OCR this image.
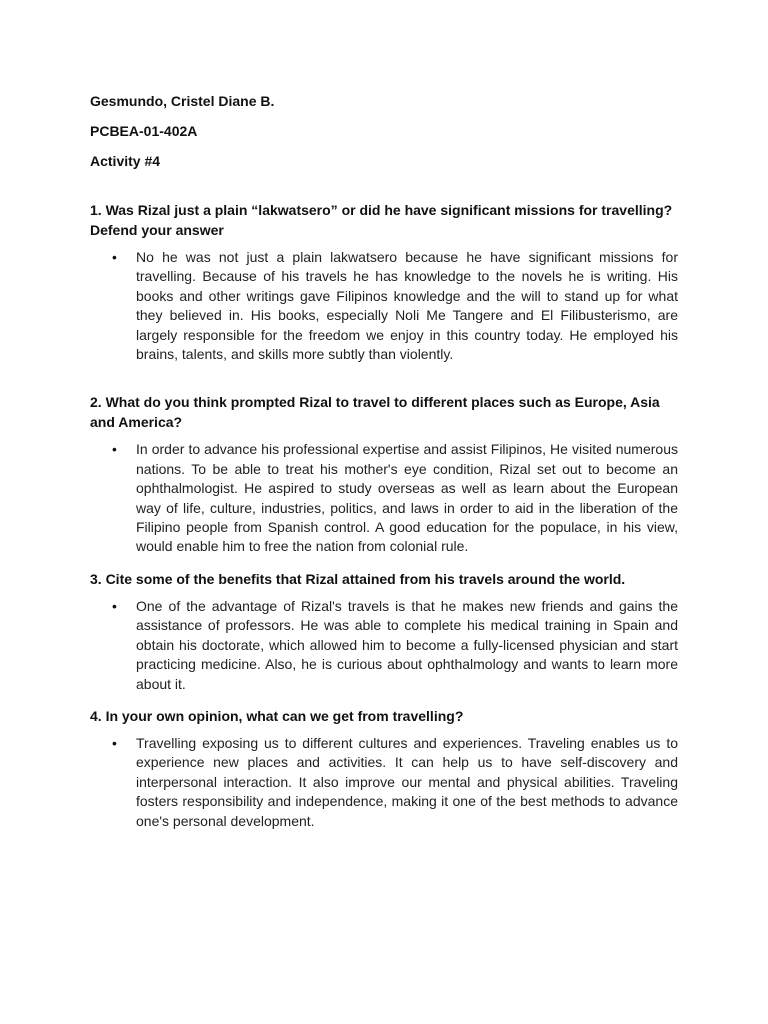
Gesmundo, Cristel Diane B.
PCBEA-01-402A
Activity #4
1. Was Rizal just a plain “lakwatsero” or did he have significant missions for travelling? Defend your answer
• No he was not just a plain lakwatsero because he have significant missions for travelling. Because of his travels he has knowledge to the novels he is writing. His books and other writings gave Filipinos knowledge and the will to stand up for what they believed in. His books, especially Noli Me Tangere and El Filibusterismo, are largely responsible for the freedom we enjoy in this country today. He employed his brains, talents, and skills more subtly than violently.
2. What do you think prompted Rizal to travel to different places such as Europe, Asia and America?
• In order to advance his professional expertise and assist Filipinos, He visited numerous nations. To be able to treat his mother's eye condition, Rizal set out to become an ophthalmologist. He aspired to study overseas as well as learn about the European way of life, culture, industries, politics, and laws in order to aid in the liberation of the Filipino people from Spanish control. A good education for the populace, in his view, would enable him to free the nation from colonial rule.
3. Cite some of the benefits that Rizal attained from his travels around the world.
• One of the advantage of Rizal's travels is that he makes new friends and gains the assistance of professors. He was able to complete his medical training in Spain and obtain his doctorate, which allowed him to become a fully-licensed physician and start practicing medicine. Also, he is curious about ophthalmology and wants to learn more about it.
4. In your own opinion, what can we get from travelling?
• Travelling exposing us to different cultures and experiences. Traveling enables us to experience new places and activities. It can help us to have self-discovery and interpersonal interaction. It also improve our mental and physical abilities. Traveling fosters responsibility and independence, making it one of the best methods to advance one's personal development.
